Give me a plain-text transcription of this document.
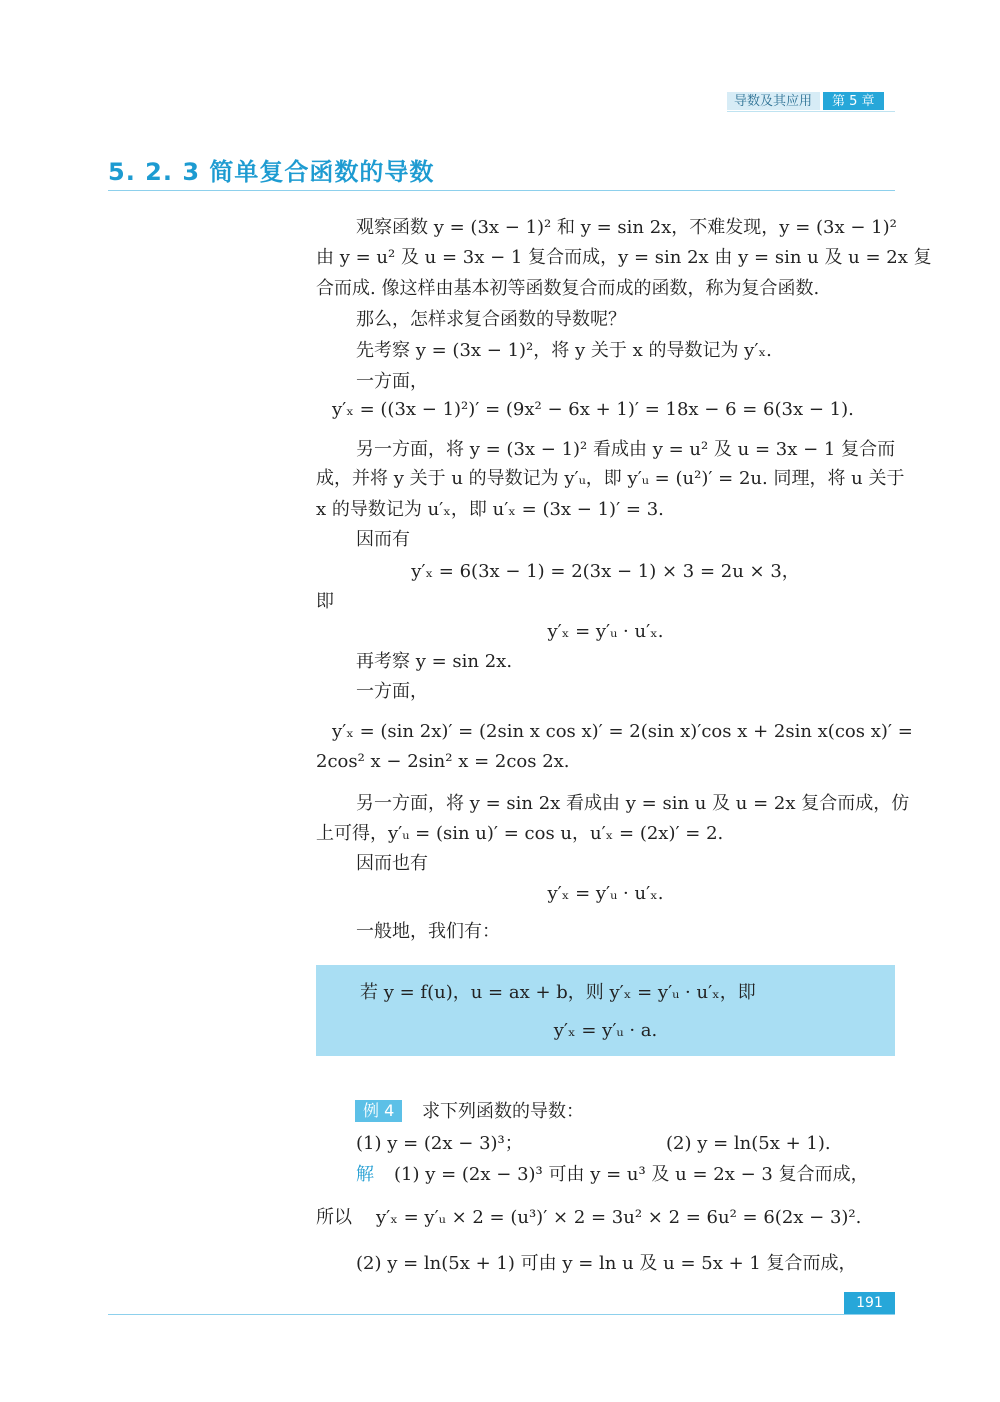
导数及其应用	第 5 章
5. 2. 3 简单复合函数的导数
观察函数 y = (3x − 1)² 和 y = sin 2x，不难发现，y = (3x − 1)²
由 y = u² 及 u = 3x − 1 复合而成，y = sin 2x 由 y = sin u 及 u = 2x 复
合而成. 像这样由基本初等函数复合而成的函数，称为复合函数.
那么，怎样求复合函数的导数呢？
先考察 y = (3x − 1)²，将 y 关于 x 的导数记为 y′ₓ.
一方面，
y′ₓ = ((3x − 1)²)′ = (9x² − 6x + 1)′ = 18x − 6 = 6(3x − 1).
另一方面，将 y = (3x − 1)² 看成由 y = u² 及 u = 3x − 1 复合而
成，并将 y 关于 u 的导数记为 y′ᵤ，即 y′ᵤ = (u²)′ = 2u. 同理，将 u 关于
x 的导数记为 u′ₓ，即 u′ₓ = (3x − 1)′ = 3.
因而有
y′ₓ = 6(3x − 1) = 2(3x − 1) × 3 = 2u × 3，
即
y′ₓ = y′ᵤ · u′ₓ.
再考察 y = sin 2x.
一方面，
y′ₓ = (sin 2x)′ = (2sin x cos x)′ = 2(sin x)′cos x + 2sin x(cos x)′ =
2cos² x − 2sin² x = 2cos 2x.
另一方面，将 y = sin 2x 看成由 y = sin u 及 u = 2x 复合而成，仿
上可得，y′ᵤ = (sin u)′ = cos u，u′ₓ = (2x)′ = 2.
因而也有
y′ₓ = y′ᵤ · u′ₓ.
一般地，我们有：
若 y = f(u)，u = ax + b，则 y′ₓ = y′ᵤ · u′ₓ，即
y′ₓ = y′ᵤ · a.
例 4	求下列函数的导数：
(1) y = (2x − 3)³；	(2) y = ln(5x + 1).
解 (1) y = (2x − 3)³ 可由 y = u³ 及 u = 2x − 3 复合而成，
所以 y′ₓ = y′ᵤ × 2 = (u³)′ × 2 = 3u² × 2 = 6u² = 6(2x − 3)².
(2) y = ln(5x + 1) 可由 y = ln u 及 u = 5x + 1 复合而成，
191
